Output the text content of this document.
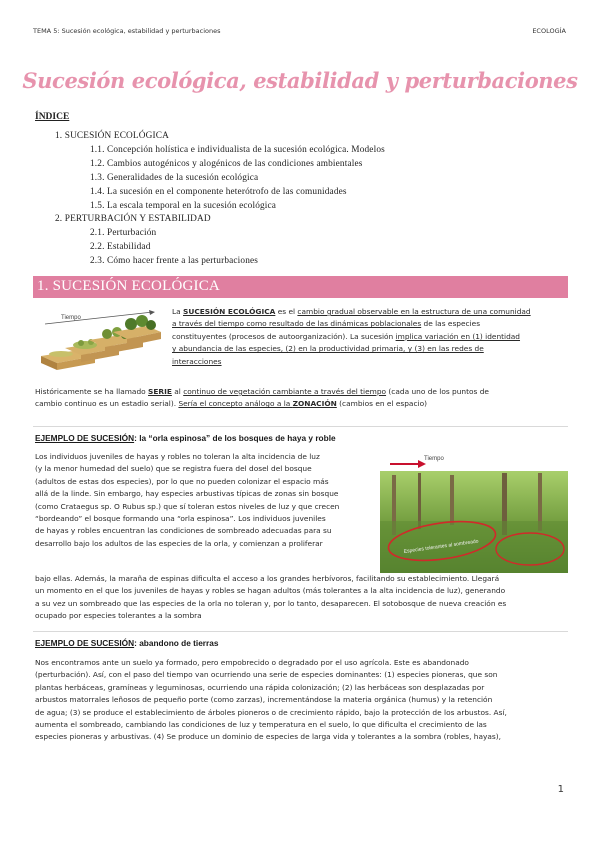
TEMA 5: Sucesión ecológica, estabilidad y perturbaciones	ECOLOGÍA
Sucesión ecológica, estabilidad y perturbaciones
ÍNDICE
1. SUCESIÓN ECOLÓGICA
1.1. Concepción holística e individualista de la sucesión ecológica. Modelos
1.2. Cambios autogénicos y alogénicos de las condiciones ambientales
1.3. Generalidades de la sucesión ecológica
1.4. La sucesión en el componente heterótrofo de las comunidades
1.5. La escala temporal en la sucesión ecológica
2. PERTURBACIÓN Y ESTABILIDAD
2.1. Perturbación
2.2. Estabilidad
2.3. Cómo hacer frente a las perturbaciones
1. SUCESIÓN ECOLÓGICA
Tiempo
La SUCESIÓN ECOLÓGICA es el cambio gradual observable en la estructura de una comunidad
a través del tiempo como resultado de las dinámicas poblacionales de las especies
constituyentes (procesos de autoorganización). La sucesión implica variación en (1) identidad
y abundancia de las especies, (2) en la productividad primaria, y (3) en las redes de
interacciones
Históricamente se ha llamado SERIE al continuo de vegetación cambiante a través del tiempo (cada uno de los puntos de
cambio continuo es un estadio serial). Sería el concepto análogo a la ZONACIÓN (cambios en el espacio)
EJEMPLO DE SUCESIÓN: la “orla espinosa” de los bosques de haya y roble
Tiempo
Especies tolerantes al sombreado
Los individuos juveniles de hayas y robles no toleran la alta incidencia de luz
(y la menor humedad del suelo) que se registra fuera del dosel del bosque
(adultos de estas dos especies), por lo que no pueden colonizar el espacio más
allá de la linde. Sin embargo, hay especies arbustivas típicas de zonas sin bosque
(como Crataegus sp. O Rubus sp.) que sí toleran estos niveles de luz y que crecen
“bordeando” el bosque formando una “orla espinosa”. Los individuos juveniles
de hayas y robles encuentran las condiciones de sombreado adecuadas para su
desarrollo bajo los adultos de las especies de la orla, y comienzan a proliferar
bajo ellas. Además, la maraña de espinas dificulta el acceso a los grandes herbívoros, facilitando su establecimiento. Llegará
un momento en el que los juveniles de hayas y robles se hagan adultos (más tolerantes a la alta incidencia de luz), generando
a su vez un sombreado que las especies de la orla no toleran y, por lo tanto, desaparecen. El sotobosque de nueva creación es
ocupado por especies tolerantes a la sombra
EJEMPLO DE SUCESIÓN: abandono de tierras
Nos encontramos ante un suelo ya formado, pero empobrecido o degradado por el uso agrícola. Este es abandonado
(perturbación). Así, con el paso del tiempo van ocurriendo una serie de especies dominantes: (1) especies pioneras, que son
plantas herbáceas, gramíneas y leguminosas, ocurriendo una rápida colonización; (2) las herbáceas son desplazadas por
arbustos matorrales leñosos de pequeño porte (como zarzas), incrementándose la materia orgánica (humus) y la retención
de agua; (3) se produce el establecimiento de árboles pioneros o de crecimiento rápido, bajo la protección de los arbustos. Así,
aumenta el sombreado, cambiando las condiciones de luz y temperatura en el suelo, lo que dificulta el crecimiento de las
especies pioneras y arbustivas. (4) Se produce un dominio de especies de larga vida y tolerantes a la sombra (robles, hayas),
1
